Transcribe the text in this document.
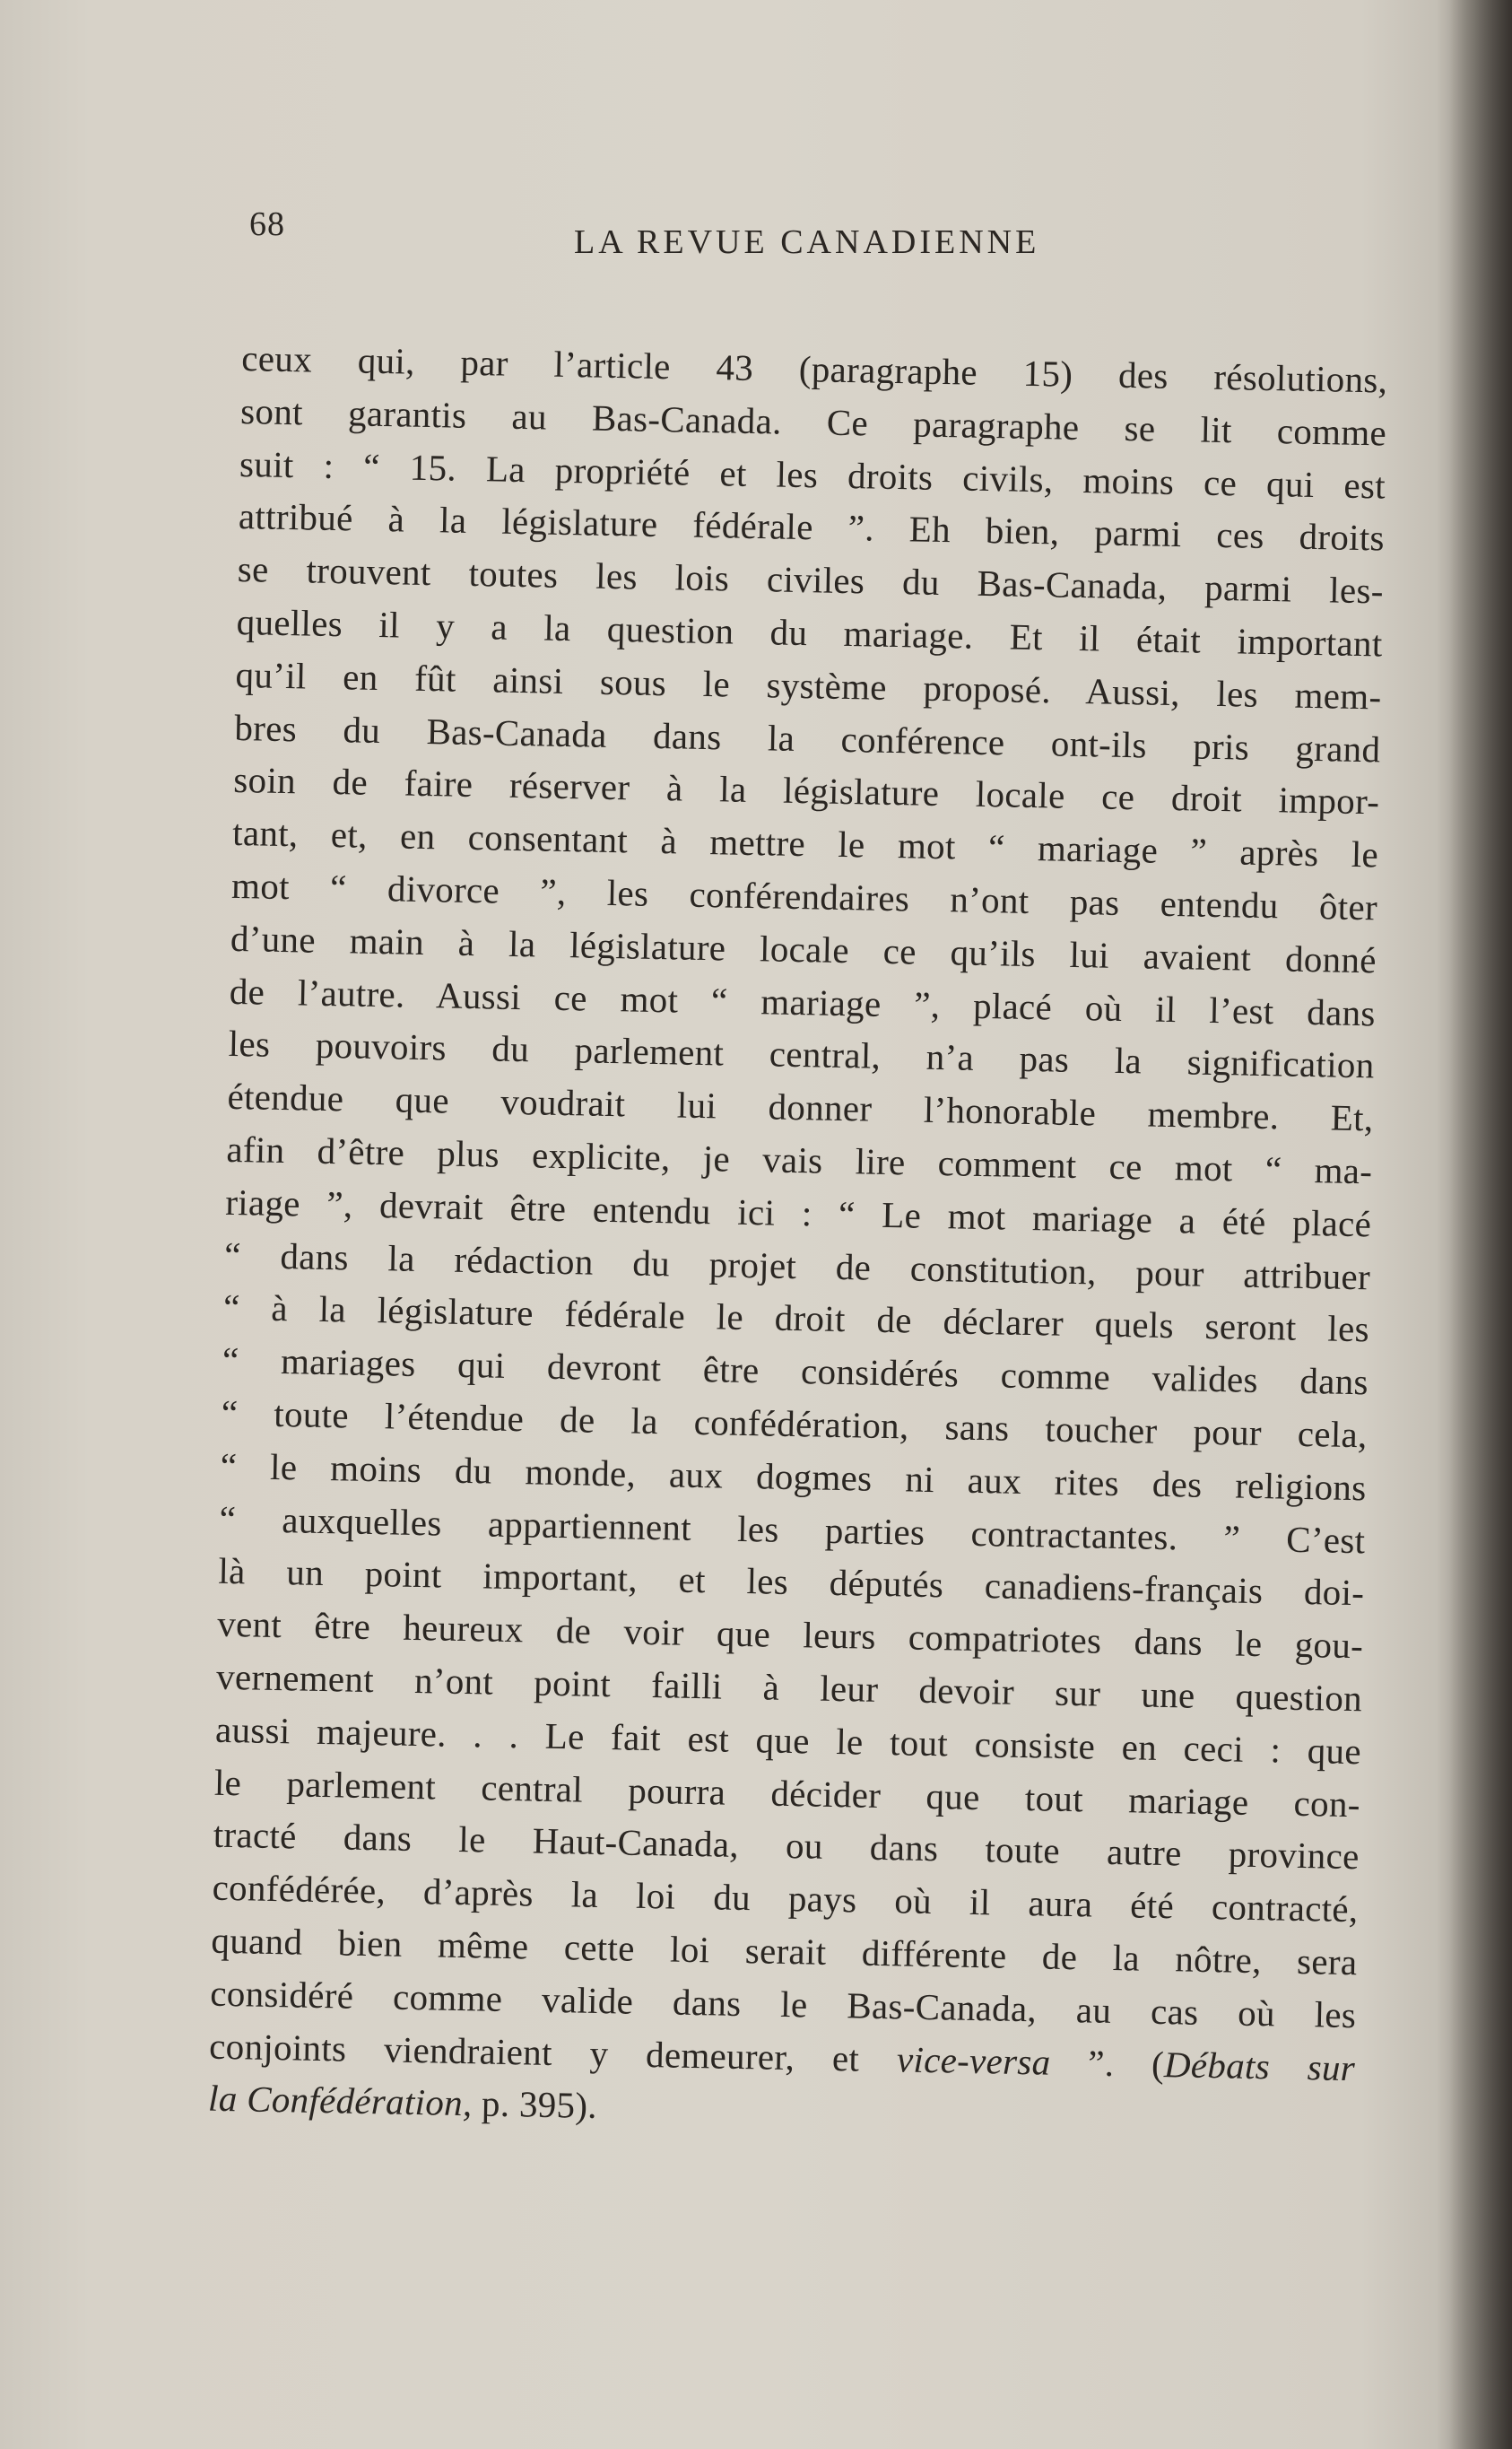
68	LA REVUE CANADIENNE
ceux qui, par l’article 43 (paragraphe 15) des résolutions,
sont garantis au Bas-Canada. Ce paragraphe se lit comme
suit : “ 15. La propriété et les droits civils, moins ce qui est
attribué à la législature fédérale ”. Eh bien, parmi ces droits
se trouvent toutes les lois civiles du Bas-Canada, parmi les-
quelles il y a la question du mariage. Et il était important
qu’il en fût ainsi sous le système proposé. Aussi, les mem-
bres du Bas-Canada dans la conférence ont-ils pris grand
soin de faire réserver à la législature locale ce droit impor-
tant, et, en consentant à mettre le mot “ mariage ” après le
mot “ divorce ”, les conférendaires n’ont pas entendu ôter
d’une main à la législature locale ce qu’ils lui avaient donné
de l’autre. Aussi ce mot “ mariage ”, placé où il l’est dans
les pouvoirs du parlement central, n’a pas la signification
étendue que voudrait lui donner l’honorable membre. Et,
afin d’être plus explicite, je vais lire comment ce mot “ ma-
riage ”, devrait être entendu ici : “ Le mot mariage a été placé
“ dans la rédaction du projet de constitution, pour attribuer
“ à la législature fédérale le droit de déclarer quels seront les
“ mariages qui devront être considérés comme valides dans
“ toute l’étendue de la confédération, sans toucher pour cela,
“ le moins du monde, aux dogmes ni aux rites des religions
“ auxquelles appartiennent les parties contractantes. ” C’est
là un point important, et les députés canadiens-français doi-
vent être heureux de voir que leurs compatriotes dans le gou-
vernement n’ont point failli à leur devoir sur une question
aussi majeure. . . Le fait est que le tout consiste en ceci : que
le parlement central pourra décider que tout mariage con-
tracté dans le Haut-Canada, ou dans toute autre province
confédérée, d’après la loi du pays où il aura été contracté,
quand bien même cette loi serait différente de la nôtre, sera
considéré comme valide dans le Bas-Canada, au cas où les
conjoints viendraient y demeurer, et vice-versa ”. (Débats sur
la Confédération, p. 395).
